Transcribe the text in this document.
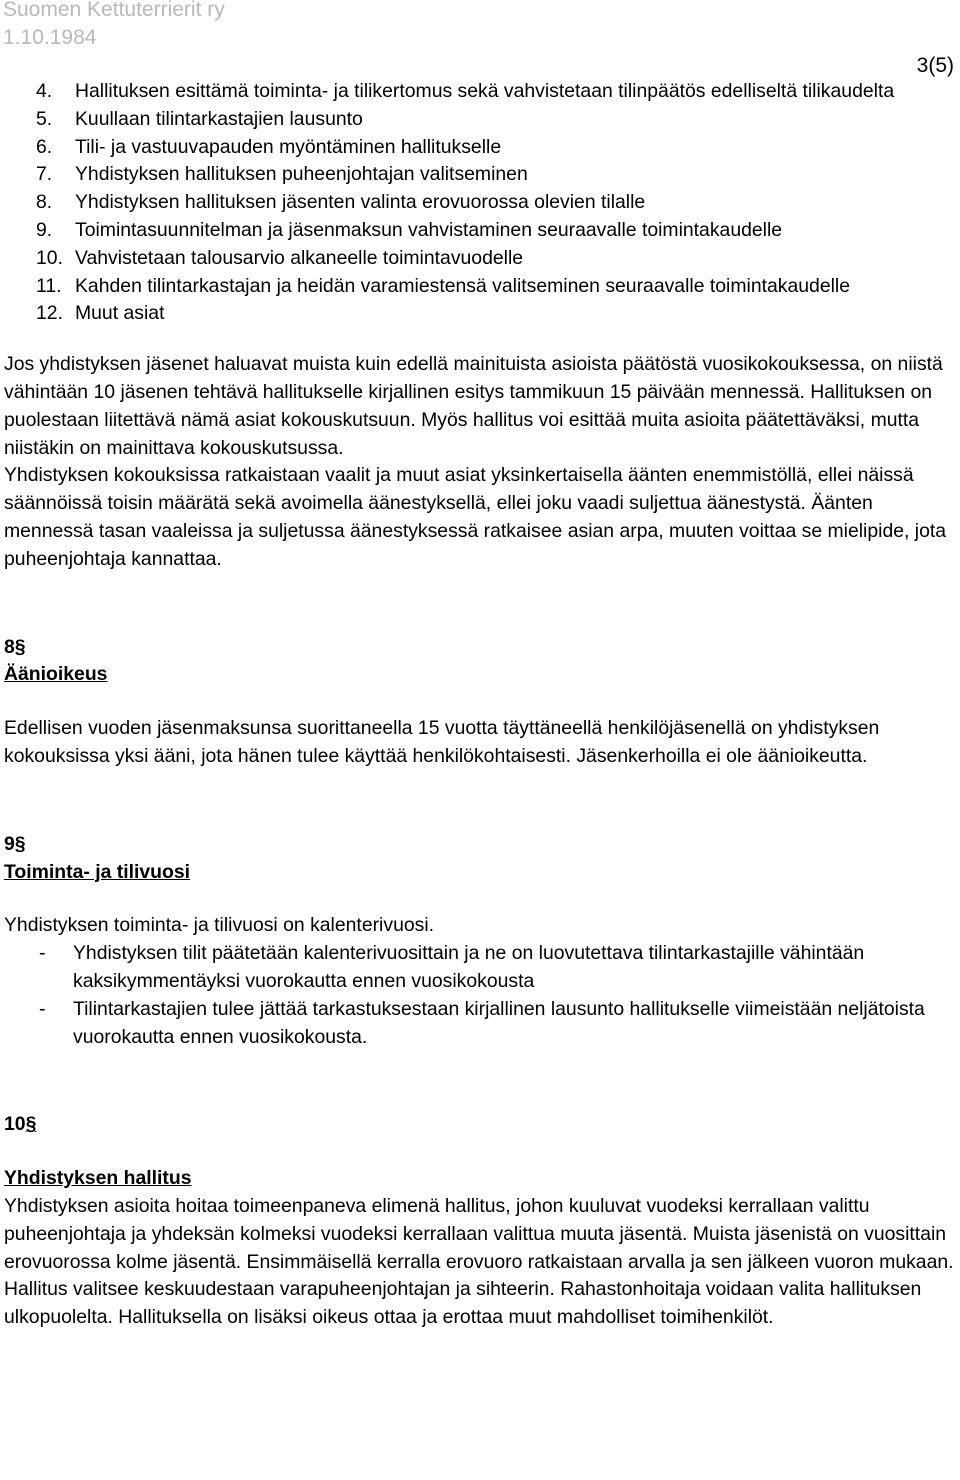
Suomen Kettuterrierit ry
1.10.1984
3(5)
4. Hallituksen esittämä toiminta- ja tilikertomus sekä vahvistetaan tilinpäätös edelliseltä tilikaudelta
5. Kuullaan tilintarkastajien lausunto
6. Tili- ja vastuuvapauden myöntäminen hallitukselle
7. Yhdistyksen hallituksen puheenjohtajan valitseminen
8. Yhdistyksen hallituksen jäsenten valinta erovuorossa olevien tilalle
9. Toimintasuunnitelman ja jäsenmaksun vahvistaminen seuraavalle toimintakaudelle
10. Vahvistetaan talousarvio alkaneelle toimintavuodelle
11. Kahden tilintarkastajan ja heidän varamiestensä valitseminen seuraavalle toimintakaudelle
12. Muut asiat

Jos yhdistyksen jäsenet haluavat muista kuin edellä mainituista asioista päätöstä vuosikokouksessa, on niistä vähintään 10 jäsenen tehtävä hallitukselle kirjallinen esitys tammikuun 15 päivään mennessä. Hallituksen on puolestaan liitettävä nämä asiat kokouskutsuun. Myös hallitus voi esittää muita asioita päätettäväksi, mutta niistäkin on mainittava kokouskutsussa.

Yhdistyksen kokouksissa ratkaistaan vaalit ja muut asiat yksinkertaisella äänten enemmistöllä, ellei näissä säännöissä toisin määrätä sekä avoimella äänestyksellä, ellei joku vaadi suljettua äänestystä. Äänten mennessä tasan vaaleissa ja suljetussa äänestyksessä ratkaisee asian arpa, muuten voittaa se mielipide, jota puheenjohtaja kannattaa.

8§
Äänioikeus

Edellisen vuoden jäsenmaksunsa suorittaneella 15 vuotta täyttäneellä henkilöjäsenellä on yhdistyksen kokouksissa yksi ääni, jota hänen tulee käyttää henkilökohtaisesti. Jäsenkerhoilla ei ole äänioikeutta.

9§
Toiminta- ja tilivuosi

Yhdistyksen toiminta- ja tilivuosi on kalenterivuosi.

- Yhdistyksen tilit päätetään kalenterivuosittain ja ne on luovutettava tilintarkastajille vähintään kaksikymmentäyksi vuorokautta ennen vuosikokousta
- Tilintarkastajien tulee jättää tarkastuksestaan kirjallinen lausunto hallitukselle viimeistään neljätoista vuorokautta ennen vuosikokousta.
10§
Yhdistyksen hallitus

Yhdistyksen asioita hoitaa toimeenpaneva elimenä hallitus, johon kuuluvat vuodeksi kerrallaan valittu puheenjohtaja ja yhdeksän kolmeksi vuodeksi kerrallaan valittua muuta jäsentä. Muista jäsenistä on vuosittain erovuorossa kolme jäsentä. Ensimmäisellä kerralla erovuoro ratkaistaan arvalla ja sen jälkeen vuoron mukaan. Hallitus valitsee keskuudestaan varapuheenjohtajan ja sihteerin. Rahastonhoitaja voidaan valita hallituksen ulkopuolelta. Hallituksella on lisäksi oikeus ottaa ja erottaa muut mahdolliset toimihenkilöt.
